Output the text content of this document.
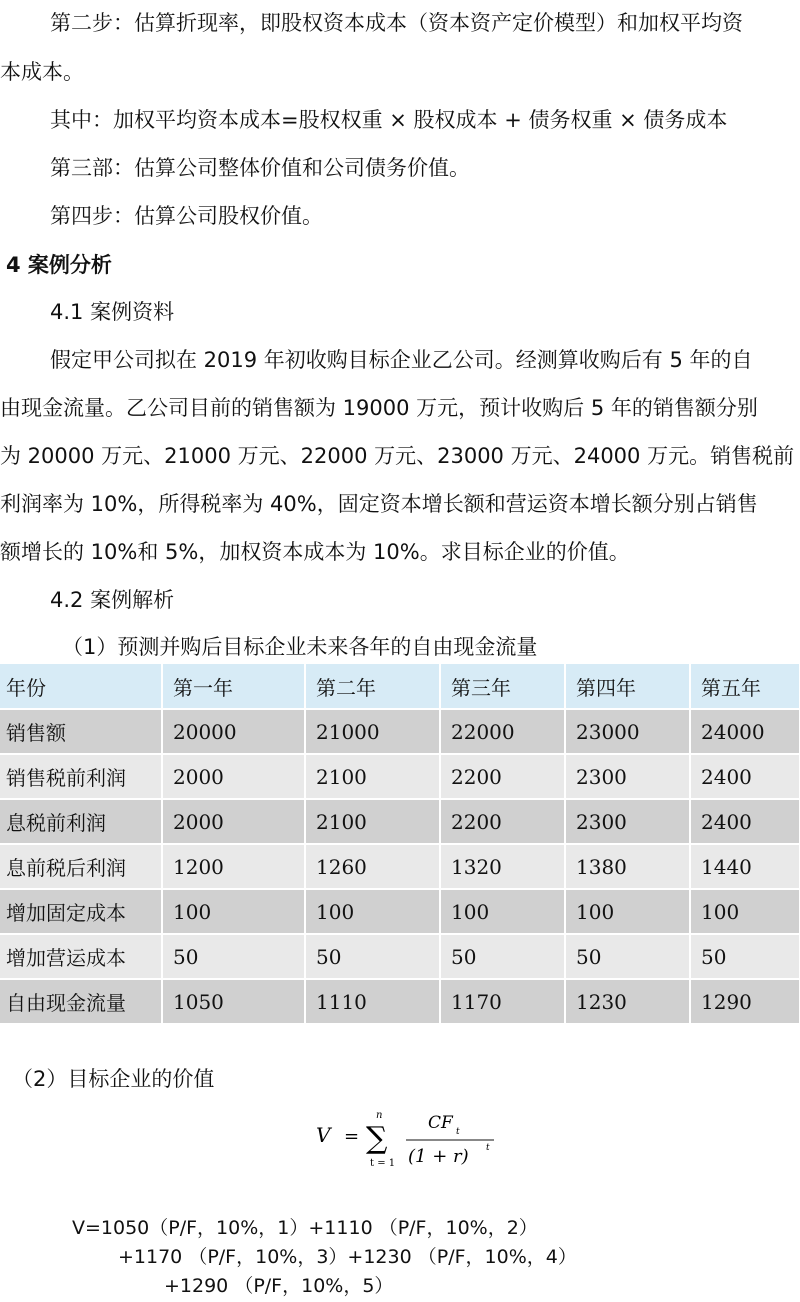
第二步：估算折现率，即股权资本成本（资本资产定价模型）和加权平均资
本成本。
其中：加权平均资本成本=股权权重 × 股权成本 + 债务权重 × 债务成本
第三部：估算公司整体价值和公司债务价值。
第四步：估算公司股权价值。
4 案例分析
4.1 案例资料
假定甲公司拟在 2019 年初收购目标企业乙公司。经测算收购后有 5 年的自
由现金流量。乙公司目前的销售额为 19000 万元，预计收购后 5 年的销售额分别
为 20000 万元、21000 万元、22000 万元、23000 万元、24000 万元。销售税前
利润率为 10%，所得税率为 40%，固定资本增长额和营运资本增长额分别占销售
额增长的 10%和 5%，加权资本成本为 10%。求目标企业的价值。
4.2 案例解析
（1）预测并购后目标企业未来各年的自由现金流量
年份	第一年	第二年	第三年	第四年	第五年
销售额	20000	21000	22000	23000	24000
销售税前利润	2000	2100	2200	2300	2400
息税前利润	2000	2100	2200	2300	2400
息前税后利润	1200	1260	1320	1380	1440
增加固定成本	100	100	100	100	100
增加营运成本	50	50	50	50	50
自由现金流量	1050	1110	1170	1230	1290
（2）目标企业的价值
V = ∑
n
t = 1
CF t
(1 + r) t
V=1050（P/F，10%，1）+1110 （P/F，10%，2）
+1170 （P/F，10%，3）+1230 （P/F，10%，4）
+1290 （P/F，10%，5）
